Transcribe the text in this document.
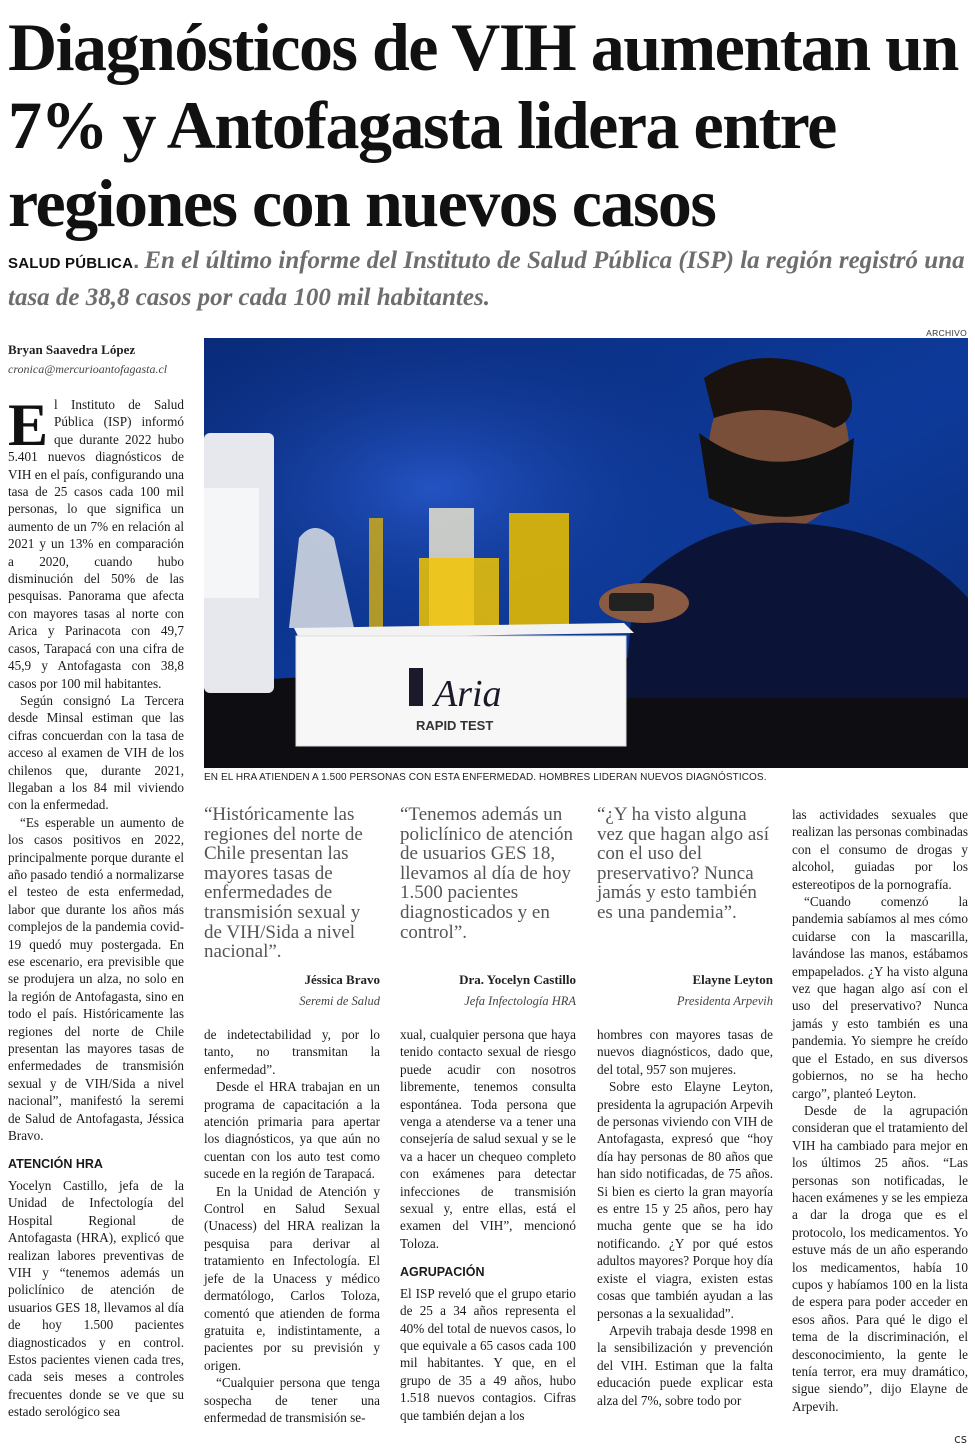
Diagnósticos de VIH aumentan un 7% y Antofagasta lidera entre regiones con nuevos casos
SALUD PÚBLICA. En el último informe del Instituto de Salud Pública (ISP) la región registró una tasa de 38,8 casos por cada 100 mil habitantes.
Bryan Saavedra López
cronica@mercurioantofagasta.cl

El Instituto de Salud Pública (ISP) informó que durante 2022 hubo 5.401 nuevos diagnósticos de VIH en el país, configurando una tasa de 25 casos cada 100 mil personas, lo que significa un aumento de un 7% en relación al 2021 y un 13% en comparación a 2020, cuando hubo disminución del 50% de las pesquisas. Panorama que afecta con mayores tasas al norte con Arica y Parinacota con 49,7 casos, Tarapacá con una cifra de 45,9 y Antofagasta con 38,8 casos por 100 mil habitantes.

Según consignó La Tercera desde Minsal estiman que las cifras concuerdan con la tasa de acceso al examen de VIH de los chilenos que, durante 2021, llegaban a los 84 mil viviendo con la enfermedad.

“Es esperable un aumento de los casos positivos en 2022, principalmente porque durante el año pasado tendió a normalizarse el testeo de esta enfermedad, labor que durante los años más complejos de la pandemia covid-19 quedó muy postergada. En ese escenario, era previsible que se produjera un alza, no solo en la región de Antofagasta, sino en todo el país. Históricamente las regiones del norte de Chile presentan las mayores tasas de enfermedades de transmisión sexual y de VIH/Sida a nivel nacional”, manifestó la seremi de Salud de Antofagasta, Jéssica Bravo.

ATENCIÓN HRA

Yocelyn Castillo, jefa de la Unidad de Infectología del Hospital Regional de Antofagasta (HRA), explicó que realizan labores preventivas de VIH y “tenemos además un policlínico de atención de usuarios GES 18, llevamos al día de hoy 1.500 pacientes diagnosticados y en control. Estos pacientes vienen cada tres, cada seis meses a controles frecuentes donde se ve que su estado serológico sea

ARCHIVO
Aria
RAPID TEST
EN EL HRA ATIENDEN A 1.500 PERSONAS CON ESTA ENFERMEDAD. HOMBRES LIDERAN NUEVOS DIAGNÓSTICOS.
“Históricamente las regiones del norte de Chile presentan las mayores tasas de enfermedades de transmisión sexual y de VIH/Sida a nivel nacional”.
Jéssica Bravo
Seremi de Salud
“Tenemos además un policlínico de atención de usuarios GES 18, llevamos al día de hoy 1.500 pacientes diagnosticados y en control”.
Dra. Yocelyn Castillo
Jefa Infectología HRA
“¿Y ha visto alguna vez que hagan algo así con el uso del preservativo? Nunca jamás y esto también es una pandemia”.
Elayne Leyton
Presidenta Arpevih

de indetectabilidad y, por lo tanto, no transmitan la enfermedad”.

Desde el HRA trabajan en un programa de capacitación a la atención primaria para apertar los diagnósticos, ya que aún no cuentan con los auto test como sucede en la región de Tarapacá.

En la Unidad de Atención y Control en Salud Sexual (Unacess) del HRA realizan la pesquisa para derivar al tratamiento en Infectología. El jefe de la Unacess y médico dermatólogo, Carlos Toloza, comentó que atienden de forma gratuita e, indistintamente, a pacientes por su previsión y origen.

“Cualquier persona que tenga sospecha de tener una enfermedad de transmisión se-

xual, cualquier persona que haya tenido contacto sexual de riesgo puede acudir con nosotros libremente, tenemos consulta espontánea. Toda persona que venga a atenderse va a tener una consejería de salud sexual y se le va a hacer un chequeo completo con exámenes para detectar infecciones de transmisión sexual y, entre ellas, está el examen del VIH”, mencionó Toloza.

AGRUPACIÓN

El ISP reveló que el grupo etario de 25 a 34 años representa el 40% del total de nuevos casos, lo que equivale a 65 casos cada 100 mil habitantes. Y que, en el grupo de 35 a 49 años, hubo 1.518 nuevos contagios. Cifras que también dejan a los

hombres con mayores tasas de nuevos diagnósticos, dado que, del total, 957 son mujeres.

Sobre esto Elayne Leyton, presidenta la agrupación Arpevih de personas viviendo con VIH de Antofagasta, expresó que “hoy día hay personas de 80 años que han sido notificadas, de 75 años. Si bien es cierto la gran mayoría es entre 15 y 25 años, pero hay mucha gente que se ha ido notificando. ¿Y por qué estos adultos mayores? Porque hoy día existe el viagra, existen estas cosas que también ayudan a las personas a la sexualidad”.

Arpevih trabaja desde 1998 en la sensibilización y prevención del VIH. Estiman que la falta educación puede explicar esta alza del 7%, sobre todo por

las actividades sexuales que realizan las personas combinadas con el consumo de drogas y alcohol, guiadas por los estereotipos de la pornografía.

“Cuando comenzó la pandemia sabíamos al mes cómo cuidarse con la mascarilla, lavándose las manos, estábamos empapelados. ¿Y ha visto alguna vez que hagan algo así con el uso del preservativo? Nunca jamás y esto también es una pandemia. Yo siempre he creído que el Estado, en sus diversos gobiernos, no se ha hecho cargo”, planteó Leyton.

Desde de la agrupación consideran que el tratamiento del VIH ha cambiado para mejor en los últimos 25 años. “Las personas son notificadas, le hacen exámenes y se les empieza a dar la droga que es el protocolo, los medicamentos. Yo estuve más de un año esperando los medicamentos, había 10 cupos y habíamos 100 en la lista de espera para poder acceder en esos años. Para qué le digo el tema de la discriminación, el desconocimiento, la gente le tenía terror, era muy dramático, sigue siendo”, dijo Elayne de Arpevih.

cs
